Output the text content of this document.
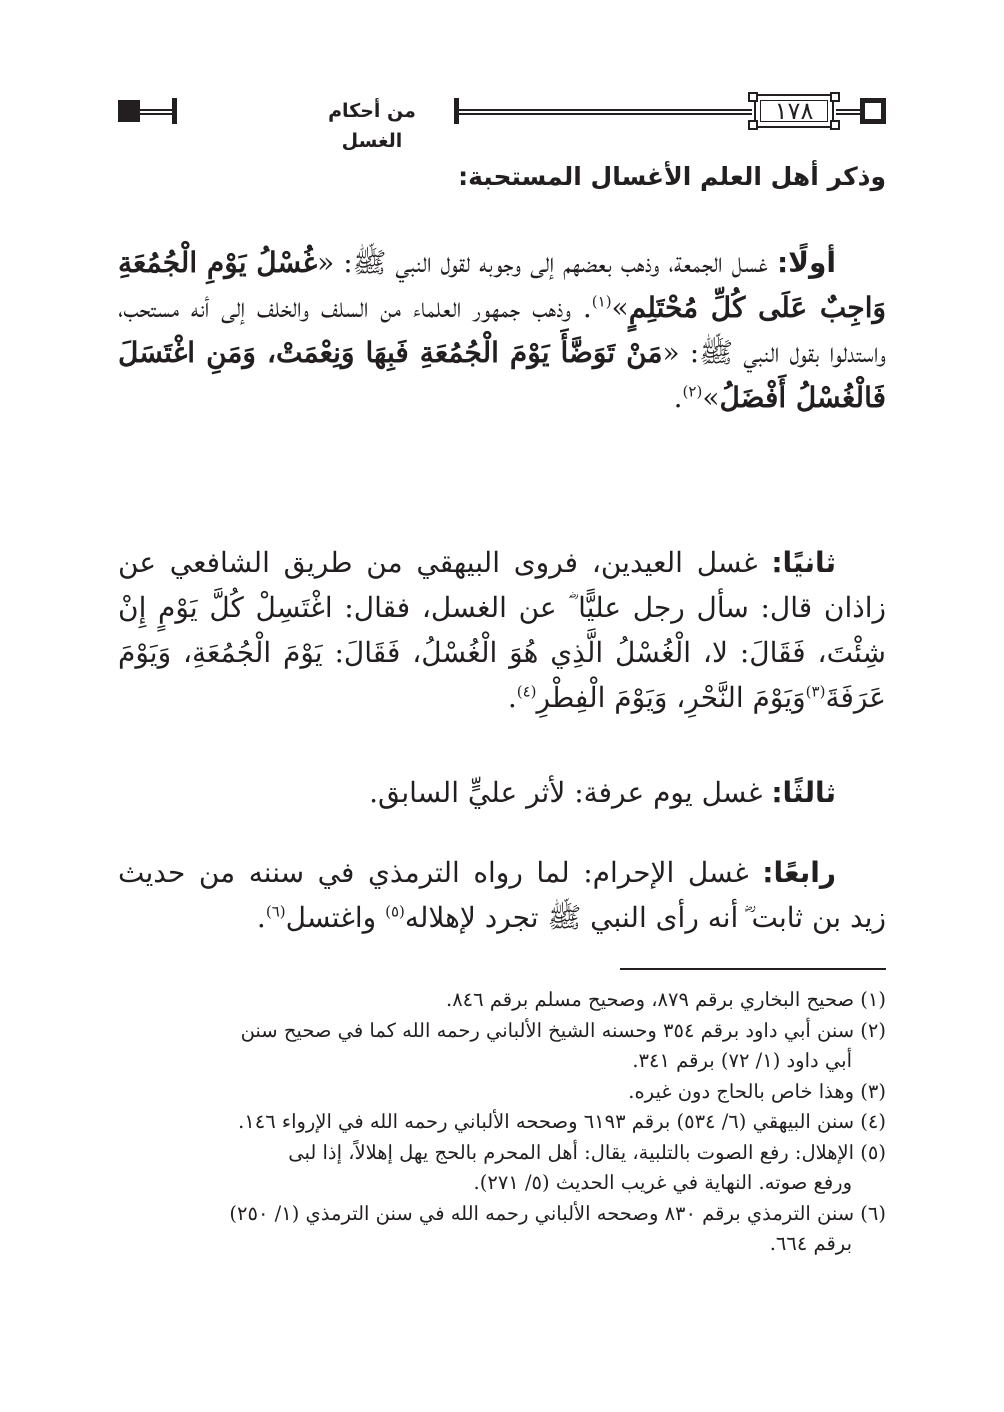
من أحكام الغسل
١٧٨
وذكر أهل العلم الأغسال المستحبة:
أولًا: غسل الجمعة، وذهب بعضهم إلى وجوبه لقول النبي ﷺ: «غُسْلُ يَوْمِ الْجُمُعَةِ وَاجِبٌ عَلَى كُلِّ مُحْتَلِمٍ»$^{(١)}$. وذهب جمهور العلماء من السلف والخلف إلى أنه مستحب، واستدلوا بقول النبي ﷺ: «مَنْ تَوَضَّأَ يَوْمَ الْجُمُعَةِ فَبِهَا وَنِعْمَتْ، وَمَنِ اغْتَسَلَ فَالْغُسْلُ أَفْضَلُ»$^{(٢)}$.
ثانيًا: غسل العيدين، فروى البيهقي من طريق الشافعي عن زاذان قال: سأل رجل عليًّا ؓ عن الغسل، فقال: اغْتَسِلْ كُلَّ يَوْمٍ إِنْ شِئْتَ، فَقَالَ: لا، الْغُسْلُ الَّذِي هُوَ الْغُسْلُ، فَقَالَ: يَوْمَ الْجُمُعَةِ، وَيَوْمَ عَرَفَةَ$^{(٣)}$وَيَوْمَ النَّحْرِ، وَيَوْمَ الْفِطْرِ$^{(٤)}$.
ثالثًا: غسل يوم عرفة: لأثر عليٍّ السابق.
رابعًا: غسل الإحرام: لما رواه الترمذي في سننه من حديث زيد بن ثابت ؓ أنه رأى النبي ﷺ تجرد لإهلاله$^{(٥)}$ واغتسل$^{(٦)}$.
(١) صحيح البخاري برقم ٨٧٩، وصحيح مسلم برقم ٨٤٦.
(٢) سنن أبي داود برقم ٣٥٤ وحسنه الشيخ الألباني رحمه الله كما في صحيح سنن
أبي داود (١/ ٧٢) برقم ٣٤١.
(٣) وهذا خاص بالحاج دون غيره.
(٤) سنن البيهقي (٦/ ٥٣٤) برقم ٦١٩٣ وصححه الألباني رحمه الله في الإرواء ١٤٦.
(٥) الإهلال: رفع الصوت بالتلبية، يقال: أهل المحرم بالحج يهل إهلالاً، إذا لبى
ورفع صوته. النهاية في غريب الحديث (٥/ ٢٧١).
(٦) سنن الترمذي برقم ٨٣٠ وصححه الألباني رحمه الله في سنن الترمذي (١/ ٢٥٠)
برقم ٦٦٤.
